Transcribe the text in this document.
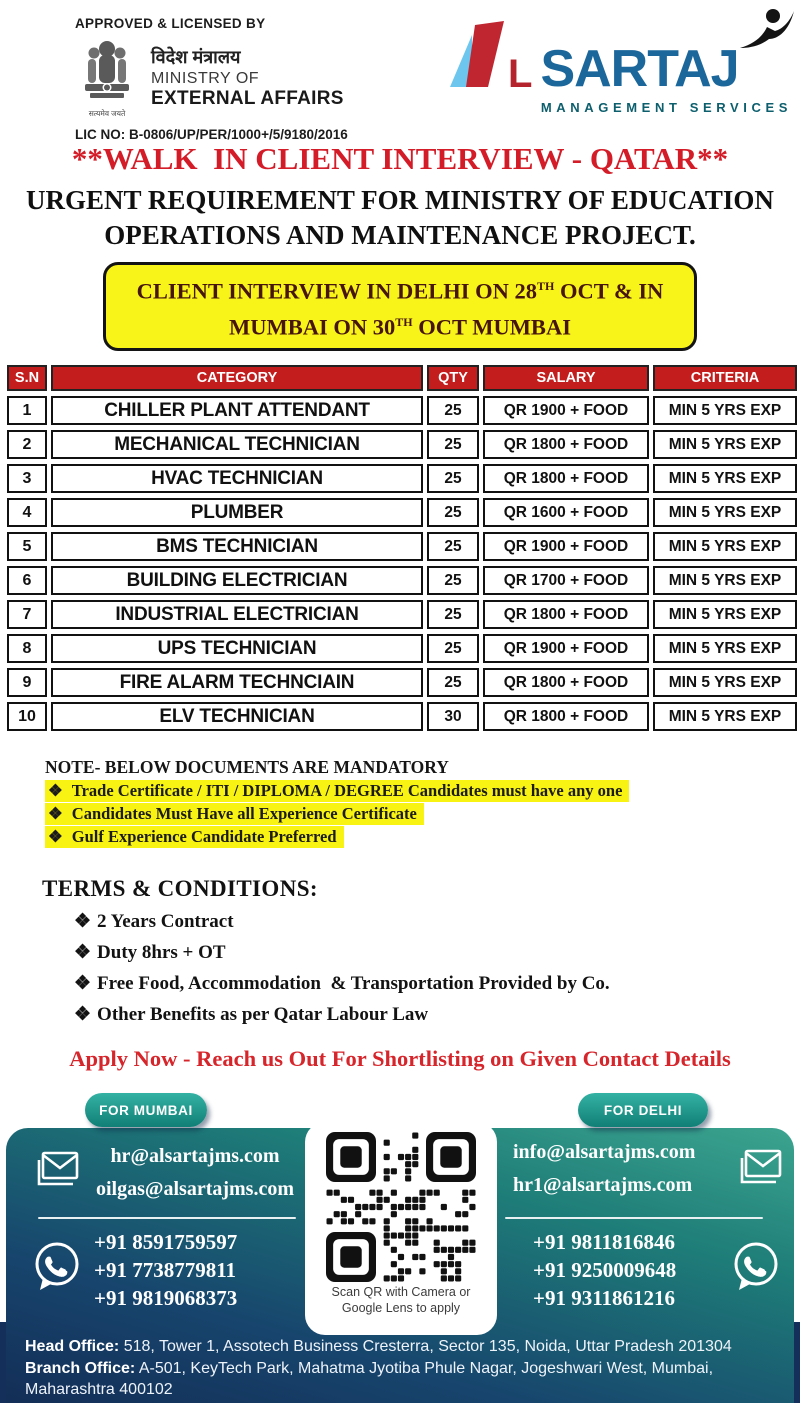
APPROVED & LICENSED BY
सत्यमेव जयते
विदेश मंत्रालय
MINISTRY OF
EXTERNAL AFFAIRS
LIC NO: B-0806/UP/PER/1000+/5/9180/2016
L SARTAJ
MANAGEMENT SERVICES
**WALK  IN CLIENT INTERVIEW - QATAR**
URGENT REQUIREMENT FOR MINISTRY OF EDUCATION
OPERATIONS AND MAINTENANCE PROJECT.
CLIENT INTERVIEW IN DELHI ON 28TH OCT & IN
MUMBAI ON 30TH OCT MUMBAI
S.N	CATEGORY	QTY	SALARY	CRITERIA
1	CHILLER PLANT ATTENDANT	25	QR 1900 + FOOD	MIN 5 YRS EXP
2	MECHANICAL TECHNICIAN	25	QR 1800 + FOOD	MIN 5 YRS EXP
3	HVAC TECHNICIAN	25	QR 1800 + FOOD	MIN 5 YRS EXP
4	PLUMBER	25	QR 1600 + FOOD	MIN 5 YRS EXP
5	BMS TECHNICIAN	25	QR 1900 + FOOD	MIN 5 YRS EXP
6	BUILDING ELECTRICIAN	25	QR 1700 + FOOD	MIN 5 YRS EXP
7	INDUSTRIAL ELECTRICIAN	25	QR 1800 + FOOD	MIN 5 YRS EXP
8	UPS TECHNICIAN	25	QR 1900 + FOOD	MIN 5 YRS EXP
9	FIRE ALARM TECHNCIAIN	25	QR 1800 + FOOD	MIN 5 YRS EXP
10	ELV TECHNICIAN	30	QR 1800 + FOOD	MIN 5 YRS EXP
NOTE- BELOW DOCUMENTS ARE MANDATORY
❖ Trade Certificate / ITI / DIPLOMA / DEGREE Candidates must have any one
❖ Candidates Must Have all Experience Certificate
❖ Gulf Experience Candidate Preferred
TERMS & CONDITIONS:
❖ 2 Years Contract
❖ Duty 8hrs + OT
❖ Free Food, Accommodation  & Transportation Provided by Co.
❖ Other Benefits as per Qatar Labour Law
Apply Now - Reach us Out For Shortlisting on Given Contact Details
FOR MUMBAI	FOR DELHI
hr@alsartajms.com
oilgas@alsartajms.com
info@alsartajms.com
hr1@alsartajms.com
+91 8591759597
+91 7738779811
+91 9819068373
+91 9811816846
+91 9250009648
+91 9311861216
Scan QR with Camera or
Google Lens to apply
Head Office: 518, Tower 1, Assotech Business Cresterra, Sector 135, Noida, Uttar Pradesh 201304
Branch Office: A-501, KeyTech Park, Mahatma Jyotiba Phule Nagar, Jogeshwari West, Mumbai, Maharashtra 400102
